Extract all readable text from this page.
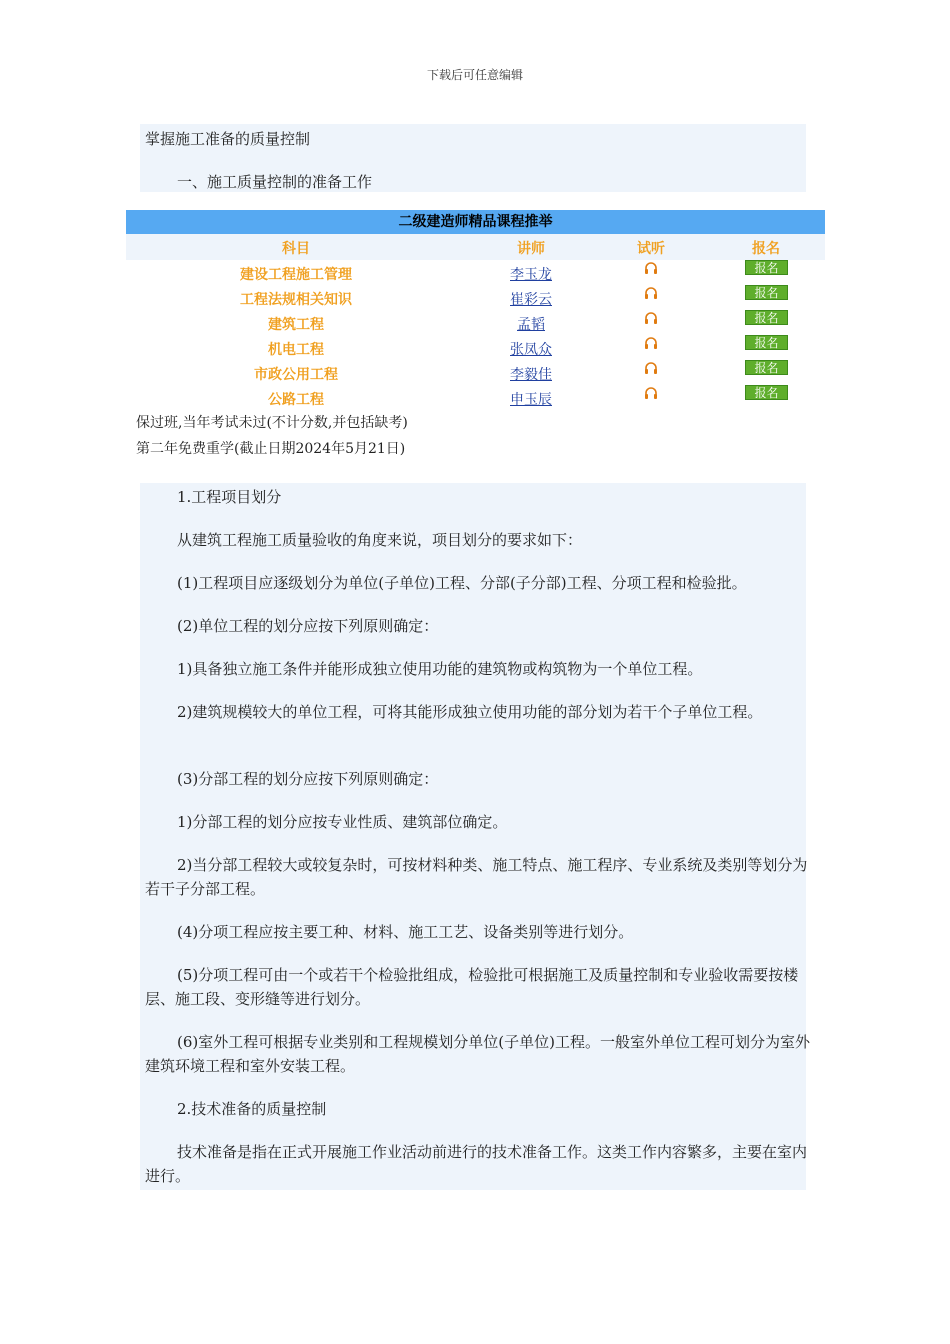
下载后可任意编辑
掌握施工准备的质量控制
一、施工质量控制的准备工作
二级建造师精品课程推举
科目	讲师	试听	报名
建设工程施工管理	李玉龙	报名
工程法规相关知识	崔彩云	报名
建筑工程	孟韬	报名
机电工程	张凤众	报名
市政公用工程	李毅佳	报名
公路工程	申玉辰	报名
保过班,当年考试未过(不计分数,并包括缺考)
第二年免费重学(截止日期2024年5月21日)
1.工程项目划分
从建筑工程施工质量验收的角度来说，项目划分的要求如下：
(1)工程项目应逐级划分为单位(子单位)工程、分部(子分部)工程、分项工程和检验批。
(2)单位工程的划分应按下列原则确定：
1)具备独立施工条件并能形成独立使用功能的建筑物或构筑物为一个单位工程。
2)建筑规模较大的单位工程，可将其能形成独立使用功能的部分划为若干个子单位工程。
(3)分部工程的划分应按下列原则确定：
1)分部工程的划分应按专业性质、建筑部位确定。
2)当分部工程较大或较复杂时，可按材料种类、施工特点、施工程序、专业系统及类别等划分为若干子分部工程。
(4)分项工程应按主要工种、材料、施工工艺、设备类别等进行划分。
(5)分项工程可由一个或若干个检验批组成，检验批可根据施工及质量控制和专业验收需要按楼层、施工段、变形缝等进行划分。
(6)室外工程可根据专业类别和工程规模划分单位(子单位)工程。一般室外单位工程可划分为室外建筑环境工程和室外安装工程。
2.技术准备的质量控制
技术准备是指在正式开展施工作业活动前进行的技术准备工作。这类工作内容繁多，主要在室内进行。
